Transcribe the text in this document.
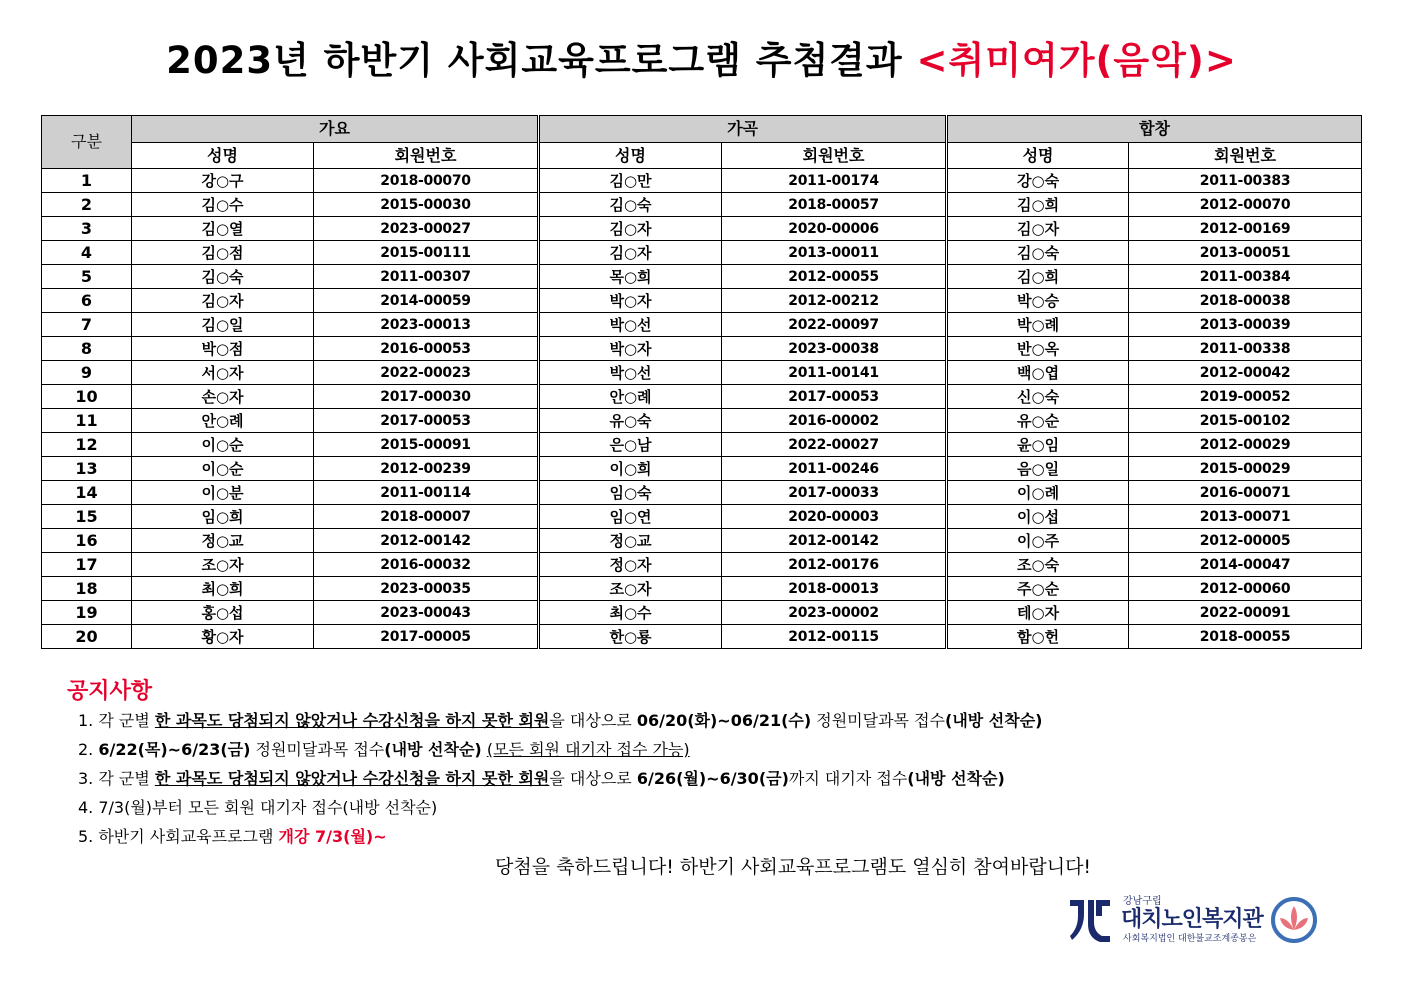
2023년 하반기 사회교육프로그램 추첨결과 <취미여가(음악)>
구분	가요		가곡		합창	
	성명	회원번호	성명	회원번호	성명	회원번호
1	강○구	2018-00070	김○만	2011-00174	강○숙	2011-00383
2	김○수	2015-00030	김○숙	2018-00057	김○희	2012-00070
3	김○열	2023-00027	김○자	2020-00006	김○자	2012-00169
4	김○점	2015-00111	김○자	2013-00011	김○숙	2013-00051
5	김○숙	2011-00307	목○희	2012-00055	김○희	2011-00384
6	김○자	2014-00059	박○자	2012-00212	박○승	2018-00038
7	김○일	2023-00013	박○선	2022-00097	박○례	2013-00039
8	박○점	2016-00053	박○자	2023-00038	반○옥	2011-00338
9	서○자	2022-00023	박○선	2011-00141	백○엽	2012-00042
10	손○자	2017-00030	안○례	2017-00053	신○숙	2019-00052
11	안○례	2017-00053	유○숙	2016-00002	유○순	2015-00102
12	이○순	2015-00091	은○남	2022-00027	윤○임	2012-00029
13	이○순	2012-00239	이○희	2011-00246	음○일	2015-00029
14	이○분	2011-00114	임○숙	2017-00033	이○례	2016-00071
15	임○희	2018-00007	임○연	2020-00003	이○섭	2013-00071
16	정○교	2012-00142	정○교	2012-00142	이○주	2012-00005
17	조○자	2016-00032	정○자	2012-00176	조○숙	2014-00047
18	최○희	2023-00035	조○자	2018-00013	주○순	2012-00060
19	홍○섭	2023-00043	최○수	2023-00002	테○자	2022-00091
20	황○자	2017-00005	한○룡	2012-00115	함○헌	2018-00055
공지사항
1. 각 군별 한 과목도 당첨되지 않았거나 수강신청을 하지 못한 회원을 대상으로 06/20(화)~06/21(수) 정원미달과목 접수(내방 선착순)
2. 6/22(목)~6/23(금) 정원미달과목 접수(내방 선착순) (모든 회원 대기자 접수 가능)
3. 각 군별 한 과목도 당첨되지 않았거나 수강신청을 하지 못한 회원을 대상으로 6/26(월)~6/30(금)까지 대기자 접수(내방 선착순)
4. 7/3(월)부터 모든 회원 대기자 접수(내방 선착순)
5. 하반기 사회교육프로그램 개강 7/3(월)~
당첨을 축하드립니다! 하반기 사회교육프로그램도 열심히 참여바랍니다!
강남구립
대치노인복지관
사회복지법인 대한불교조계종봉은
